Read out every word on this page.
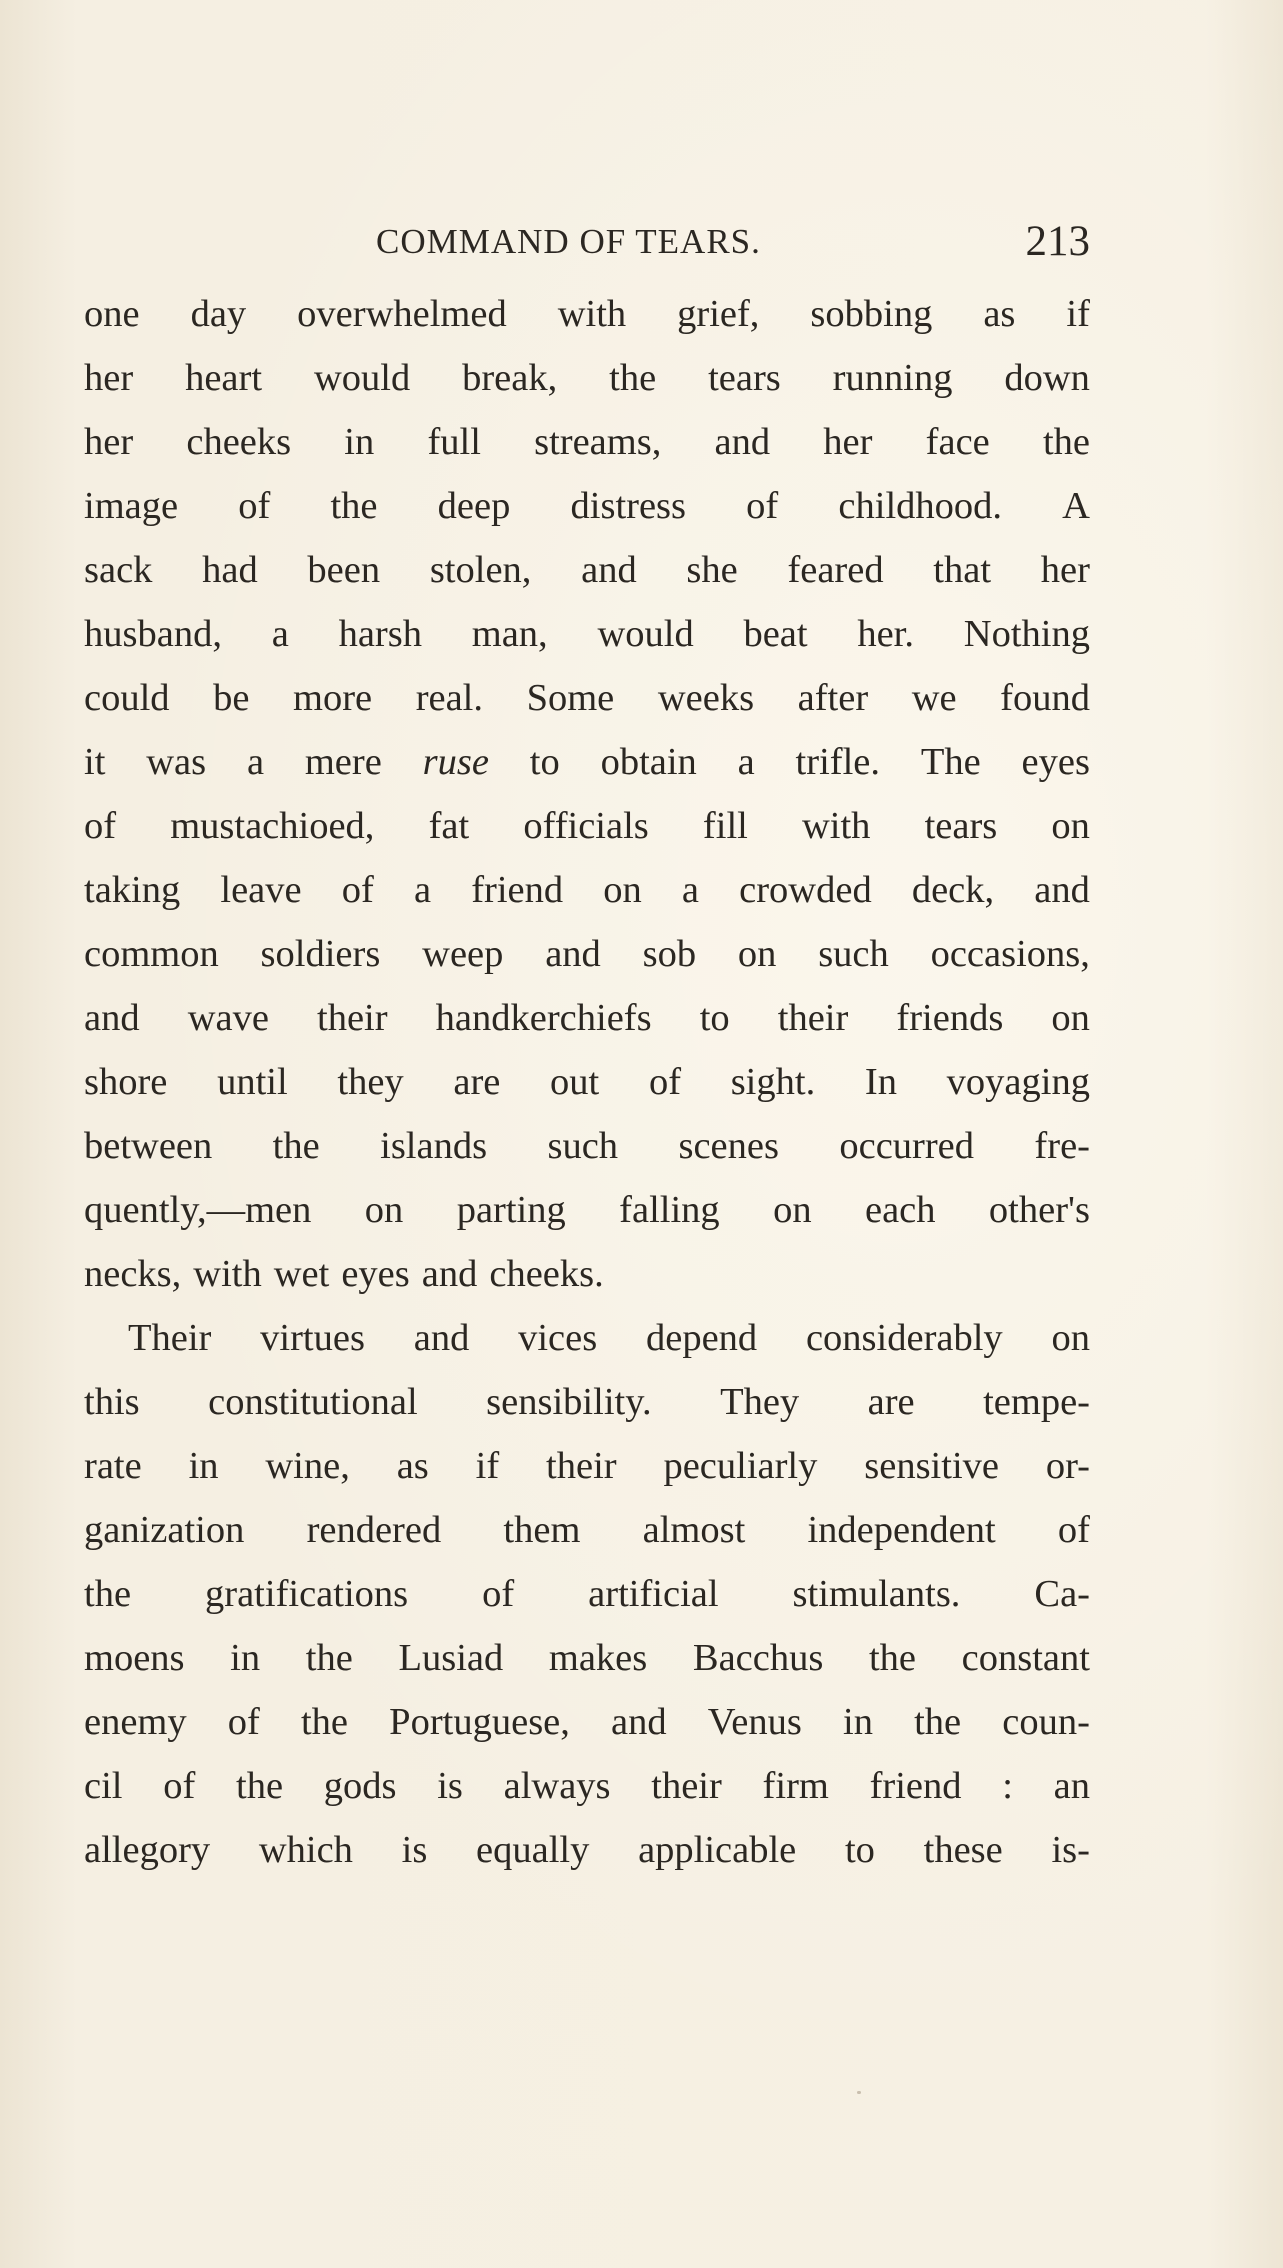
COMMAND OF TEARS.	213
one day overwhelmed with grief, sobbing as if
her heart would break, the tears running down
her cheeks in full streams, and her face the
image of the deep distress of childhood. A
sack had been stolen, and she feared that her
husband, a harsh man, would beat her. Nothing
could be more real. Some weeks after we found
it was a mere ruse to obtain a trifle. The eyes
of mustachioed, fat officials fill with tears on
taking leave of a friend on a crowded deck, and
common soldiers weep and sob on such occasions,
and wave their handkerchiefs to their friends on
shore until they are out of sight. In voyaging
between the islands such scenes occurred fre-
quently,—men on parting falling on each other's
necks, with wet eyes and cheeks.
Their virtues and vices depend considerably on
this constitutional sensibility. They are tempe-
rate in wine, as if their peculiarly sensitive or-
ganization rendered them almost independent of
the gratifications of artificial stimulants. Ca-
moens in the Lusiad makes Bacchus the constant
enemy of the Portuguese, and Venus in the coun-
cil of the gods is always their firm friend : an
allegory which is equally applicable to these is-
